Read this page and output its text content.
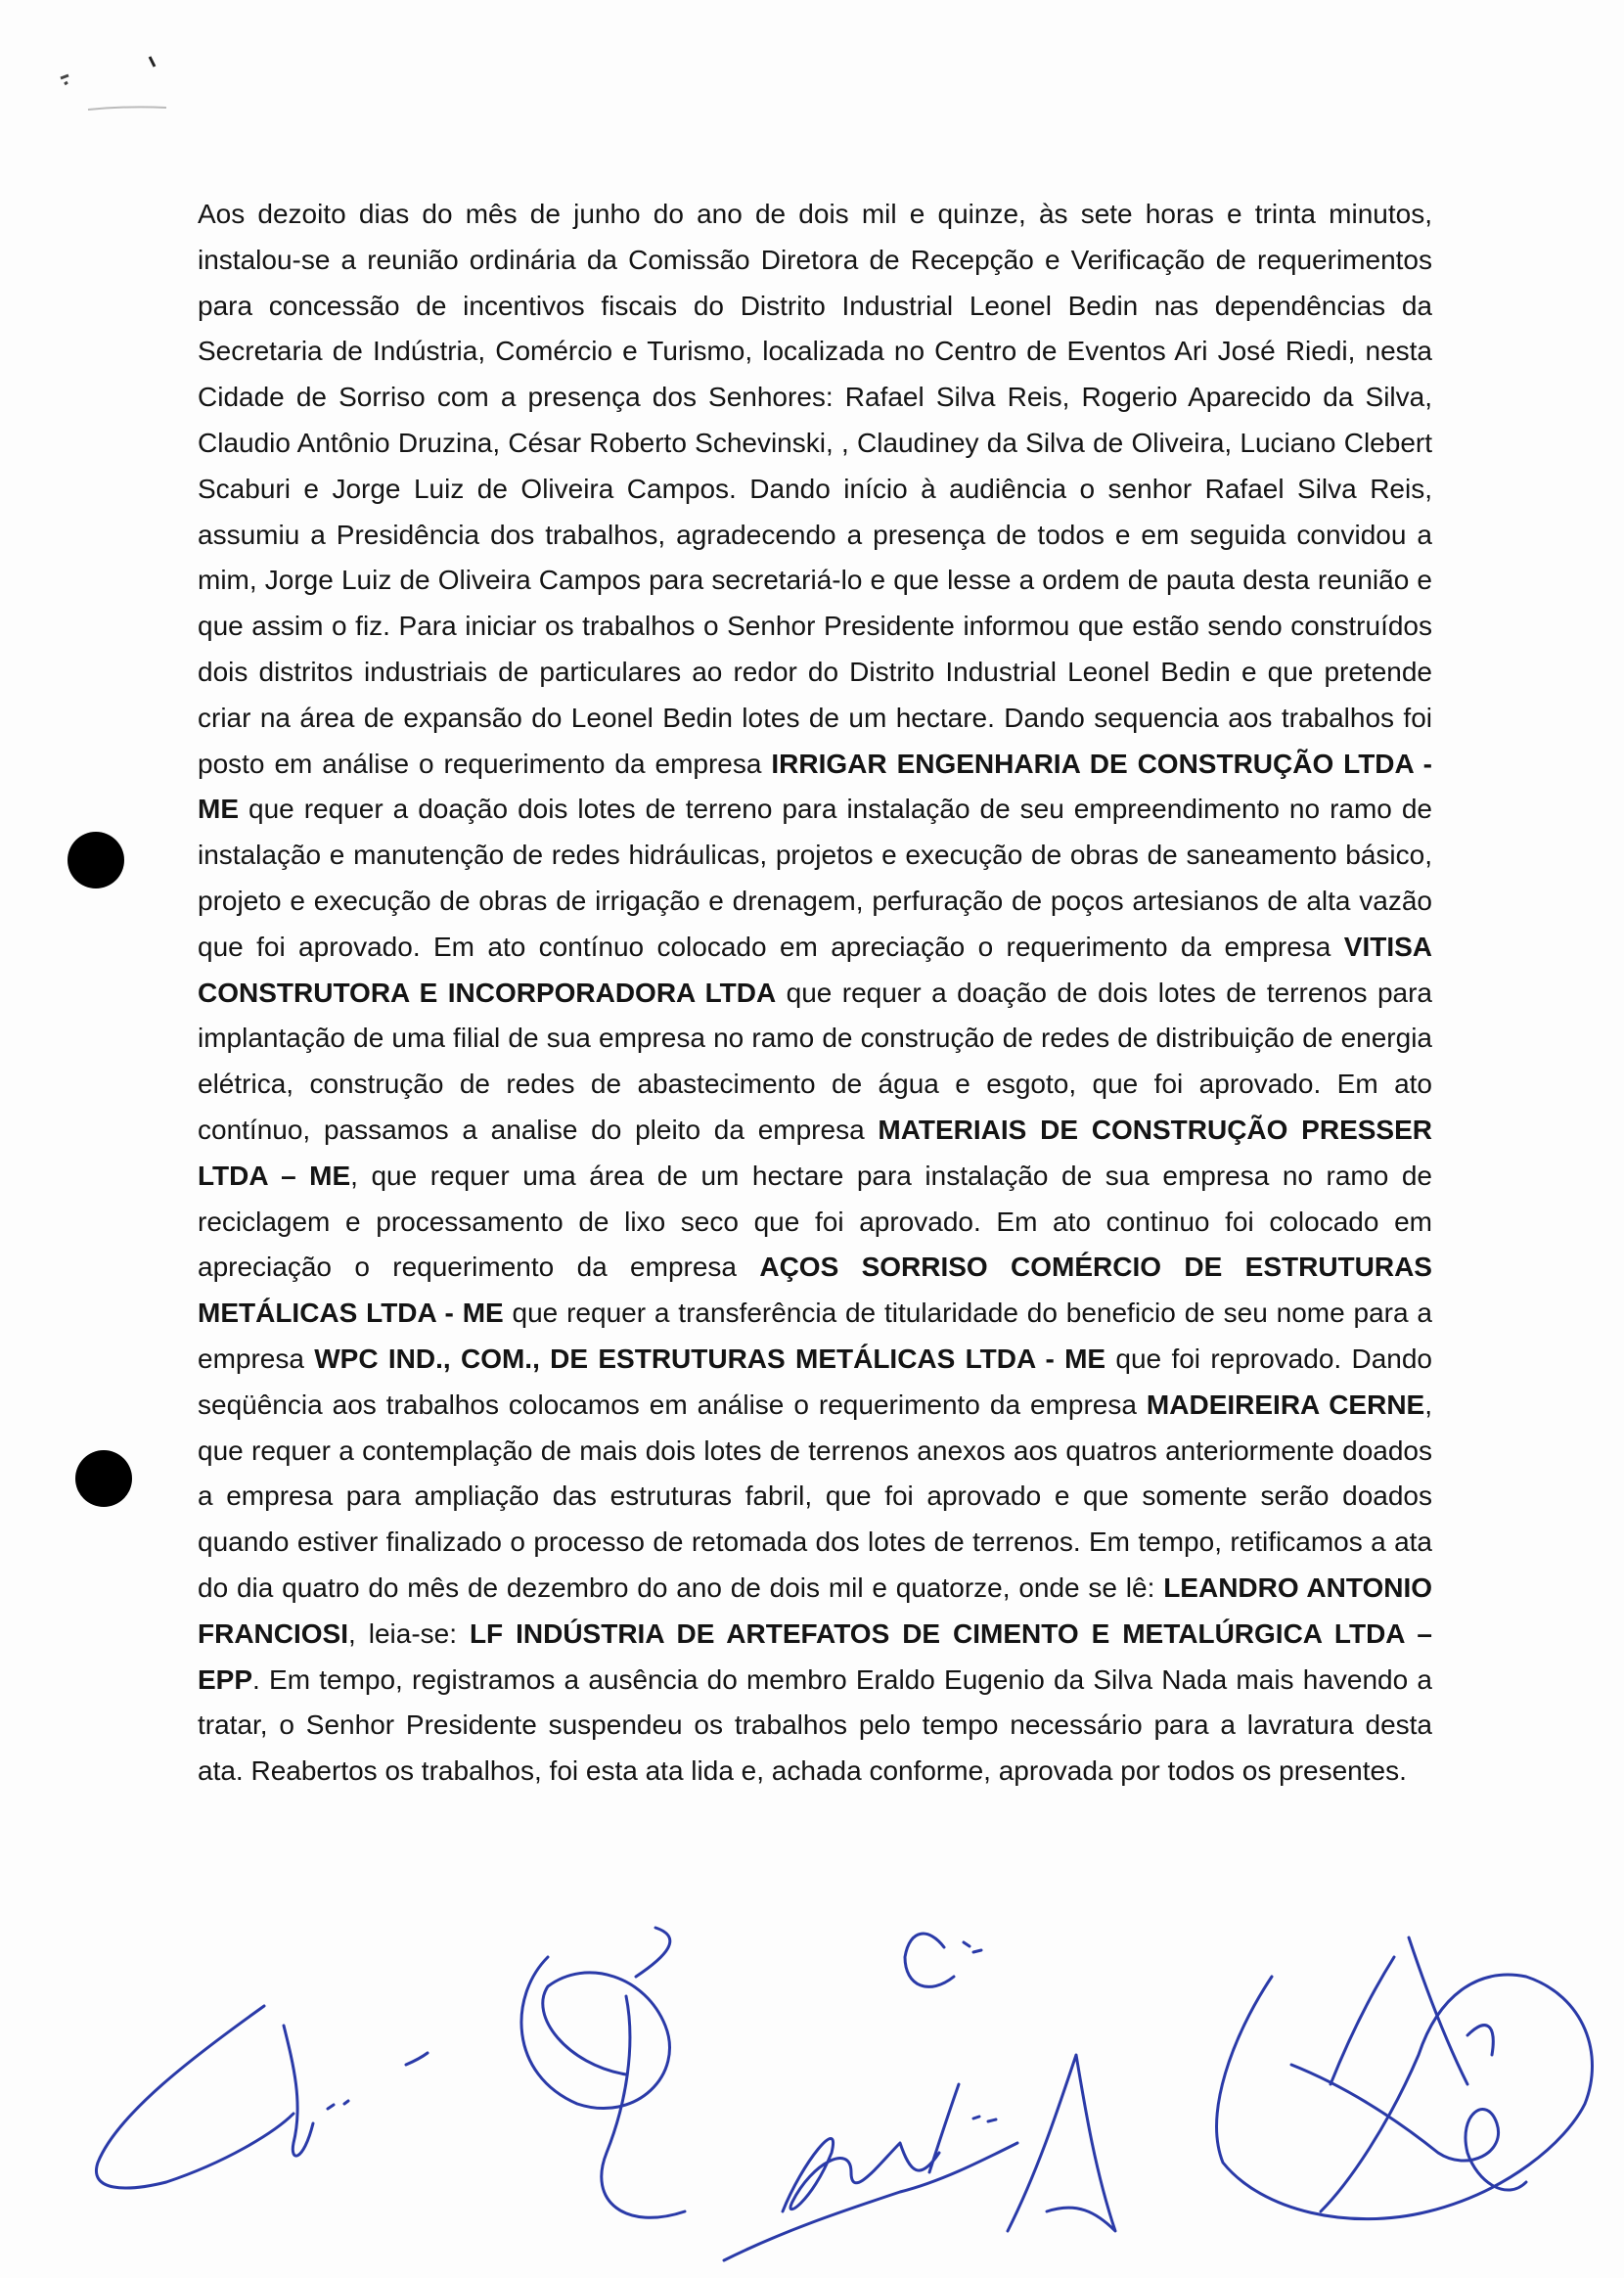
Aos dezoito dias do mês de junho do ano de dois mil e quinze, às sete horas e trinta minutos, instalou-se a reunião ordinária da Comissão Diretora de Recepção e Verificação de requerimentos para concessão de incentivos fiscais do Distrito Industrial Leonel Bedin nas dependências da Secretaria de Indústria, Comércio e Turismo, localizada no Centro de Eventos Ari José Riedi, nesta Cidade de Sorriso com a presença dos Senhores: Rafael Silva Reis, Rogerio Aparecido da Silva, Claudio Antônio Druzina, César Roberto Schevinski, , Claudiney da Silva de Oliveira, Luciano Clebert Scaburi e Jorge Luiz de Oliveira Campos. Dando início à audiência o senhor Rafael Silva Reis, assumiu a Presidência dos trabalhos, agradecendo a presença de todos e em seguida convidou a mim, Jorge Luiz de Oliveira Campos para secretariá-lo e que lesse a ordem de pauta desta reunião e que assim o fiz. Para iniciar os trabalhos o Senhor Presidente informou que estão sendo construídos dois distritos industriais de particulares ao redor do Distrito Industrial Leonel Bedin e que pretende criar na área de expansão do Leonel Bedin lotes de um hectare. Dando sequencia aos trabalhos foi posto em análise o requerimento da empresa IRRIGAR ENGENHARIA DE CONSTRUÇÃO LTDA - ME que requer a doação dois lotes de terreno para instalação de seu empreendimento no ramo de instalação e manutenção de redes hidráulicas, projetos e execução de obras de saneamento básico, projeto e execução de obras de irrigação e drenagem, perfuração de poços artesianos de alta vazão que foi aprovado. Em ato contínuo colocado em apreciação o requerimento da empresa VITISA CONSTRUTORA E INCORPORADORA LTDA que requer a doação de dois lotes de terrenos para implantação de uma filial de sua empresa no ramo de construção de redes de distribuição de energia elétrica, construção de redes de abastecimento de água e esgoto, que foi aprovado. Em ato contínuo, passamos a analise do pleito da empresa MATERIAIS DE CONSTRUÇÃO PRESSER LTDA – ME, que requer uma área de um hectare para instalação de sua empresa no ramo de reciclagem e processamento de lixo seco que foi aprovado. Em ato continuo foi colocado em apreciação o requerimento da empresa AÇOS SORRISO COMÉRCIO DE ESTRUTURAS METÁLICAS LTDA - ME que requer a transferência de titularidade do beneficio de seu nome para a empresa WPC IND., COM., DE ESTRUTURAS METÁLICAS LTDA - ME que foi reprovado. Dando seqüência aos trabalhos colocamos em análise o requerimento da empresa MADEIREIRA CERNE, que requer a contemplação de mais dois lotes de terrenos anexos aos quatros anteriormente doados a empresa para ampliação das estruturas fabril, que foi aprovado e que somente serão doados quando estiver finalizado o processo de retomada dos lotes de terrenos. Em tempo, retificamos a ata do dia quatro do mês de dezembro do ano de dois mil e quatorze, onde se lê: LEANDRO ANTONIO FRANCIOSI, leia-se: LF INDÚSTRIA DE ARTEFATOS DE CIMENTO E METALÚRGICA LTDA – EPP. Em tempo, registramos a ausência do membro Eraldo Eugenio da Silva Nada mais havendo a tratar, o Senhor Presidente suspendeu os trabalhos pelo tempo necessário para a lavratura desta ata. Reabertos os trabalhos, foi esta ata lida e, achada conforme, aprovada por todos os presentes.
